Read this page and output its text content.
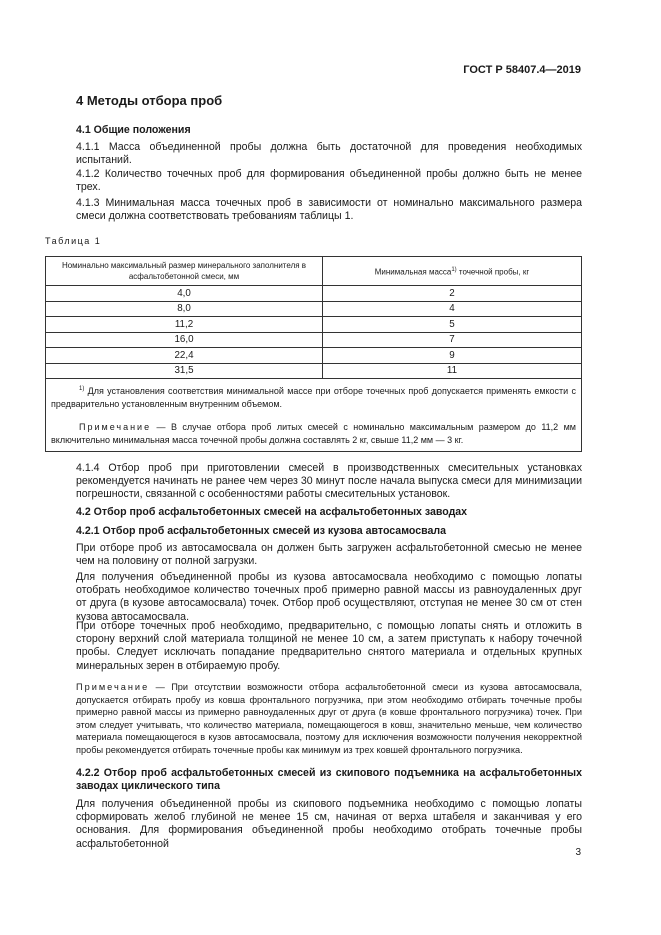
ГОСТ Р 58407.4—2019
4 Методы отбора проб
4.1 Общие положения

4.1.1 Масса объединенной пробы должна быть достаточной для проведения необходимых испытаний.

4.1.2 Количество точечных проб для формирования объединенной пробы должно быть не менее трех.

4.1.3 Минимальная масса точечных проб в зависимости от номинально максимального размера смеси должна соответствовать требованиям таблицы 1.

Таблица 1
Номинально максимальный размер минерального заполнителя в асфальтобетонной смеси, мм	Минимальная масса$^{1)}$ точечной пробы, кг
4,0	2
8,0	4
11,2	5
16,0	7
22,4	9
31,5	11

$^{1)}$ Для установления соответствия минимальной массе при отборе точечных проб допускается применять емкости с предварительно установленным внутренним объемом.
Примечание — В случае отбора проб литых смесей с номинально максимальным размером до 11,2 мм включительно минимальная масса точечной пробы должна составлять 2 кг, свыше 11,2 мм — 3 кг.	

4.1.4 Отбор проб при приготовлении смесей в производственных смесительных установках рекомендуется начинать не ранее чем через 30 минут после начала выпуска смеси для минимизации погрешности, связанной с особенностями работы смесительных установок.

4.2 Отбор проб асфальтобетонных смесей на асфальтобетонных заводах
4.2.1 Отбор проб асфальтобетонных смесей из кузова автосамосвала

При отборе проб из автосамосвала он должен быть загружен асфальтобетонной смесью не менее чем на половину от полной загрузки.

Для получения объединенной пробы из кузова автосамосвала необходимо с помощью лопаты отобрать необходимое количество точечных проб примерно равной массы из равноудаленных друг от друга (в кузове автосамосвала) точек. Отбор проб осуществляют, отступая не менее 30 см от стен кузова автосамосвала.

При отборе точечных проб необходимо, предварительно, с помощью лопаты снять и отложить в сторону верхний слой материала толщиной не менее 10 см, а затем приступать к набору точечной пробы. Следует исключать попадание предварительно снятого материала и отдельных крупных минеральных зерен в отбираемую пробу.

Примечание — При отсутствии возможности отбора асфальтобетонной смеси из кузова автосамосвала, допускается отбирать пробу из ковша фронтального погрузчика, при этом необходимо отбирать точечные пробы примерно равной массы из примерно равноудаленных друг от друга (в ковше фронтального погрузчика) точек. При этом следует учитывать, что количество материала, помещающегося в ковш, значительно меньше, чем количество материала помещающегося в кузов автосамосвала, поэтому для исключения возможности получения некорректной пробы рекомендуется отбирать точечные пробы как минимум из трех ковшей фронтального погрузчика.
4.2.2 Отбор проб асфальтобетонных смесей из скипового подъемника на асфальтобетонных заводах циклического типа

Для получения объединенной пробы из скипового подъемника необходимо с помощью лопаты сформировать желоб глубиной не менее 15 см, начиная от верха штабеля и заканчивая у его основания. Для формирования объединенной пробы необходимо отобрать точечные пробы асфальтобетонной

3
